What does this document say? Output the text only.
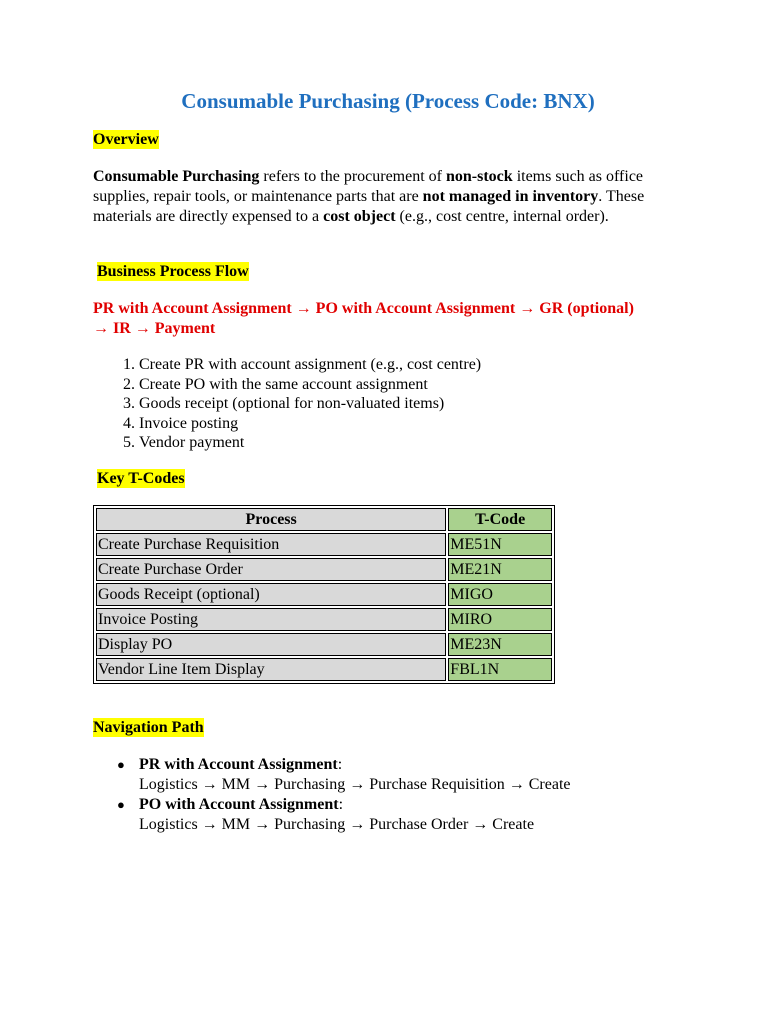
Consumable Purchasing (Process Code: BNX)
Overview
Consumable Purchasing refers to the procurement of non-stock items such as office supplies, repair tools, or maintenance parts that are not managed in inventory. These materials are directly expensed to a cost object (e.g., cost centre, internal order).
Business Process Flow
PR with Account Assignment → PO with Account Assignment → GR (optional) → IR → Payment
1. Create PR with account assignment (e.g., cost centre)
2. Create PO with the same account assignment
3. Goods receipt (optional for non-valuated items)
4. Invoice posting
5. Vendor payment
Key T-Codes
Process	T-Code
Create Purchase Requisition	ME51N
Create Purchase Order	ME21N
Goods Receipt (optional)	MIGO
Invoice Posting	MIRO
Display PO	ME23N
Vendor Line Item Display	FBL1N
Navigation Path
● PR with Account Assignment:
Logistics → MM → Purchasing → Purchase Requisition → Create
● PO with Account Assignment:
Logistics → MM → Purchasing → Purchase Order → Create
